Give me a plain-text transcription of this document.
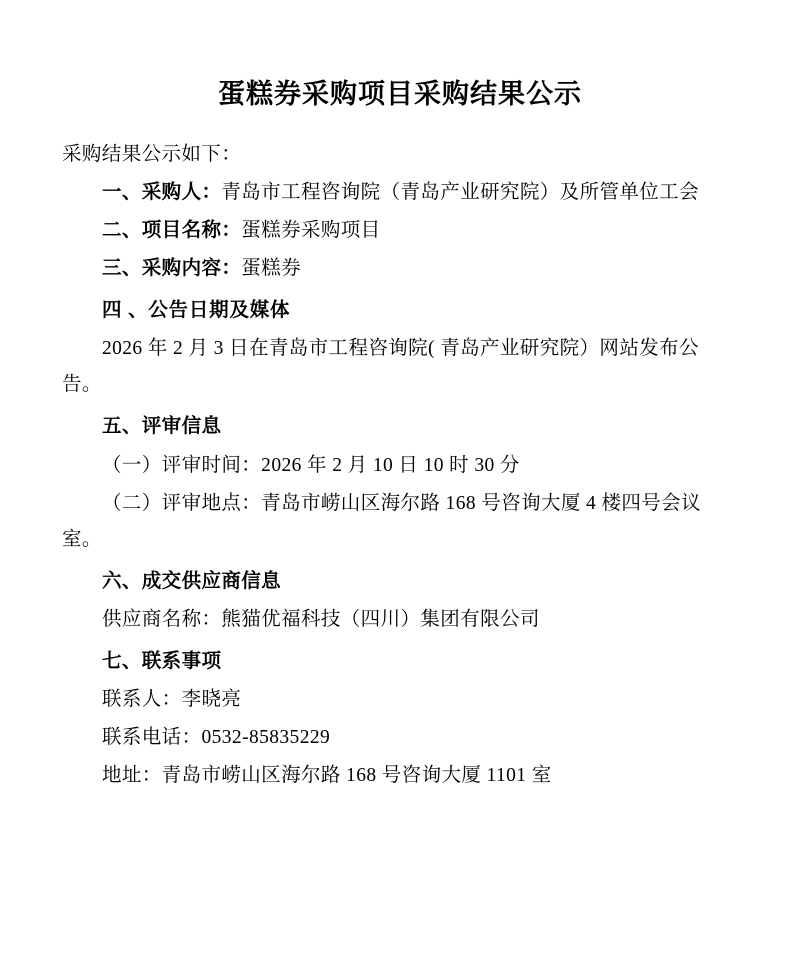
蛋糕券采购项目采购结果公示

采购结果公示如下：

一、采购人：青岛市工程咨询院（青岛产业研究院）及所管单位工会

二、项目名称：蛋糕券采购项目

三、采购内容：蛋糕券

四 、公告日期及媒体

2026 年 2 月 3 日在青岛市工程咨询院( 青岛产业研究院）网站发布公告。

五、评审信息

（一）评审时间：2026 年 2 月 10 日 10 时 30 分

（二）评审地点：青岛市崂山区海尔路 168 号咨询大厦 4 楼四号会议室。

六、成交供应商信息

供应商名称：熊猫优福科技（四川）集团有限公司

七、联系事项

联系人：李晓亮

联系电话：0532-85835229

地址：青岛市崂山区海尔路 168 号咨询大厦 1101 室
